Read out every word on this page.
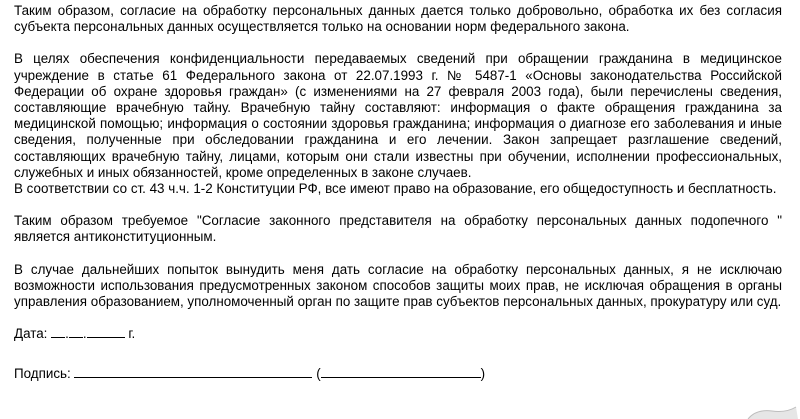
Таким образом, согласие на обработку персональных данных дается только добровольно, обработка их без согласия субъекта персональных данных осуществляется только на основании норм федерального закона.

В целях обеспечения конфиденциальности передаваемых сведений при обращении гражданина в медицинское учреждение в статье 61 Федерального закона от 22.07.1993 г. № 5487-1 «Основы законодательства Российской Федерации об охране здоровья граждан» (с изменениями на 27 февраля 2003 года), были перечислены сведения, составляющие врачебную тайну. Врачебную тайну составляют: информация о факте обращения гражданина за медицинской помощью; информация о состоянии здоровья гражданина; информация о диагнозе его заболевания и иные сведения, полученные при обследовании гражданина и его лечении. Закон запрещает разглашение сведений, составляющих врачебную тайну, лицами, которым они стали известны при обучении, исполнении профессиональных, служебных и иных обязанностей, кроме определенных в законе случаев.

В соответствии со ст. 43 ч.ч. 1-2 Конституции РФ, все имеют право на образование, его общедоступность и бесплатность.

Таким образом требуемое "Согласие законного представителя на обработку персональных данных подопечного " является антиконституционным.

В случае дальнейших попыток вынудить меня дать согласие на обработку персональных данных, я не исключаю возможности использования предусмотренных законом способов защиты моих прав, не исключая обращения в органы управления образованием, уполномоченный орган по защите прав субъектов персональных данных, прокуратуру или суд.

Дата: . .	г.
Подпись:	(	)
